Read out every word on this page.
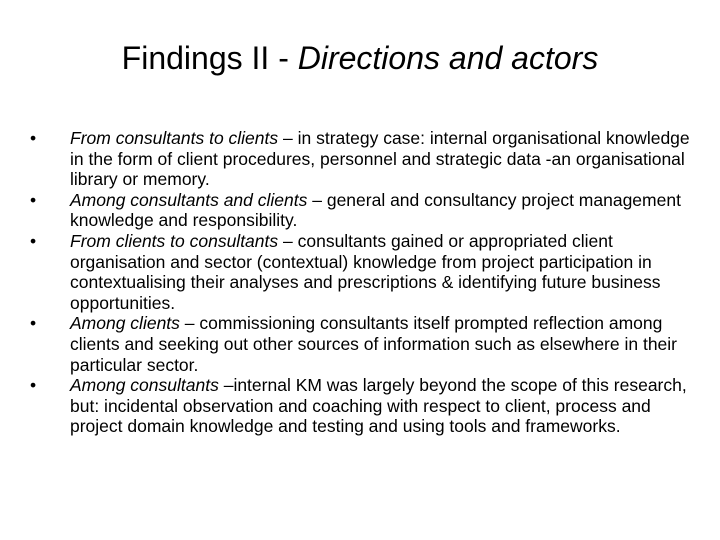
Findings II - Directions and actors
•	From consultants to clients – in strategy case: internal organisational knowledge in the form of client procedures, personnel and strategic data -an organisational library or memory.
•	Among consultants and clients – general and consultancy project management knowledge and responsibility.
•	From clients to consultants – consultants gained or appropriated client organisation and sector (contextual) knowledge from project participation in contextualising their analyses and prescriptions & identifying future business opportunities.
•	Among clients – commissioning consultants itself prompted reflection among clients and seeking out other sources of information such as elsewhere in their particular sector.
•	Among consultants –internal KM was largely beyond the scope of this research, but: incidental observation and coaching with respect to client, process and project domain knowledge and testing and using tools and frameworks.
